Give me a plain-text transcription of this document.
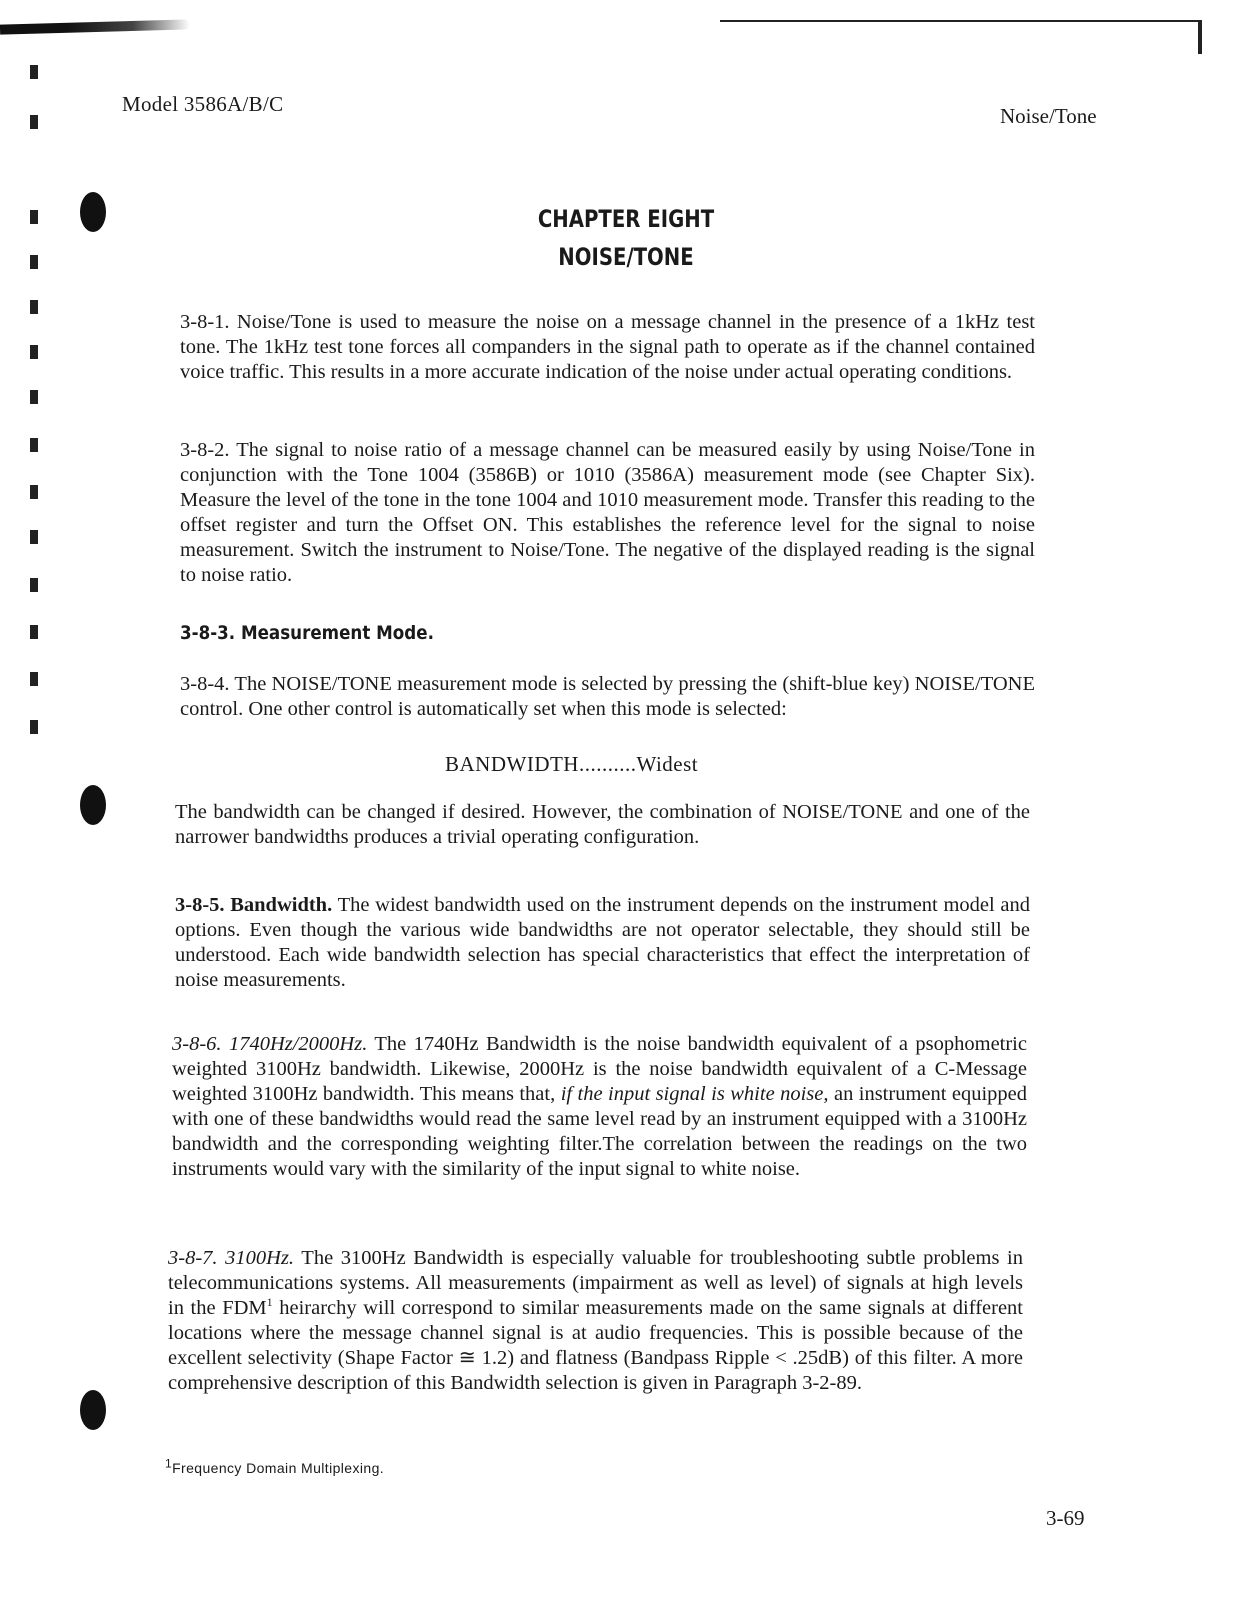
Model 3586A/B/C	Noise/Tone
CHAPTER EIGHT
NOISE/TONE

3-8-1. Noise/Tone is used to measure the noise on a message channel in the presence of a 1kHz test tone. The 1kHz test tone forces all companders in the signal path to operate as if the channel contained voice traffic. This results in a more accurate indication of the noise under actual operating conditions.

3-8-2. The signal to noise ratio of a message channel can be measured easily by using Noise/Tone in conjunction with the Tone 1004 (3586B) or 1010 (3586A) measurement mode (see Chapter Six). Measure the level of the tone in the tone 1004 and 1010 measurement mode. Transfer this reading to the offset register and turn the Offset ON. This establishes the reference level for the signal to noise measurement. Switch the instrument to Noise/Tone. The negative of the displayed reading is the signal to noise ratio.

3-8-3. Measurement Mode.

3-8-4. The NOISE/TONE measurement mode is selected by pressing the (shift-blue key) NOISE/TONE control. One other control is automatically set when this mode is selected:

BANDWIDTH..........Widest

The bandwidth can be changed if desired. However, the combination of NOISE/TONE and one of the narrower bandwidths produces a trivial operating configuration.

3-8-5. Bandwidth. The widest bandwidth used on the instrument depends on the instrument model and options. Even though the various wide bandwidths are not operator selectable, they should still be understood. Each wide bandwidth selection has special characteristics that effect the interpretation of noise measurements.

3-8-6. 1740Hz/2000Hz. The 1740Hz Bandwidth is the noise bandwidth equivalent of a psophometric weighted 3100Hz bandwidth. Likewise, 2000Hz is the noise bandwidth equivalent of a C-Message weighted 3100Hz bandwidth. This means that, if the input signal is white noise, an instrument equipped with one of these bandwidths would read the same level read by an instrument equipped with a 3100Hz bandwidth and the corresponding weighting filter.The correlation between the readings on the two instruments would vary with the similarity of the input signal to white noise.

3-8-7. 3100Hz. The 3100Hz Bandwidth is especially valuable for troubleshooting subtle problems in telecommunications systems. All measurements (impairment as well as level) of signals at high levels in the FDM$^1$ heirarchy will correspond to similar measurements made on the same signals at different locations where the message channel signal is at audio frequencies. This is possible because of the excellent selectivity (Shape Factor ≅ 1.2) and flatness (Bandpass Ripple < .25dB) of this filter. A more comprehensive description of this Bandwidth selection is given in Paragraph 3-2-89.

$^1$Frequency Domain Multiplexing.
3-69
